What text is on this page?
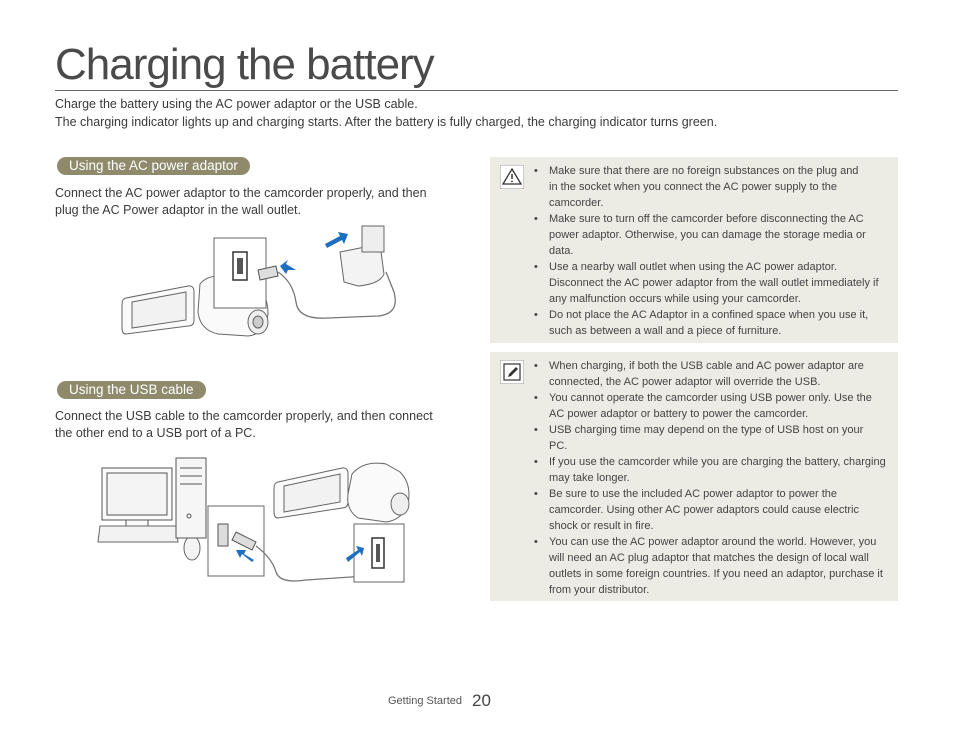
Charging the battery
Charge the battery using the AC power adaptor or the USB cable.
The charging indicator lights up and charging starts. After the battery is fully charged, the charging indicator turns green.
Using the AC power adaptor
Connect the AC power adaptor to the camcorder properly, and then
plug the AC Power adaptor in the wall outlet.
Using the USB cable
Connect the USB cable to the camcorder properly, and then connect
the other end to a USB port of a PC.
• Make sure that there are no foreign substances on the plug and
in the socket when you connect the AC power supply to the
camcorder.
• Make sure to turn off the camcorder before disconnecting the AC
power adaptor. Otherwise, you can damage the storage media or
data.
• Use a nearby wall outlet when using the AC power adaptor.
Disconnect the AC power adaptor from the wall outlet immediately if
any malfunction occurs while using your camcorder.
• Do not place the AC Adaptor in a confined space when you use it,
such as between a wall and a piece of furniture.
• When charging, if both the USB cable and AC power adaptor are
connected, the AC power adaptor will override the USB.
• You cannot operate the camcorder using USB power only. Use the
AC power adaptor or battery to power the camcorder.
• USB charging time may depend on the type of USB host on your
PC.
• If you use the camcorder while you are charging the battery, charging
may take longer.
• Be sure to use the included AC power adaptor to power the
camcorder. Using other AC power adaptors could cause electric
shock or result in fire.
• You can use the AC power adaptor around the world. However, you
will need an AC plug adaptor that matches the design of local wall
outlets in some foreign countries. If you need an adaptor, purchase it
from your distributor.
Getting Started 20
